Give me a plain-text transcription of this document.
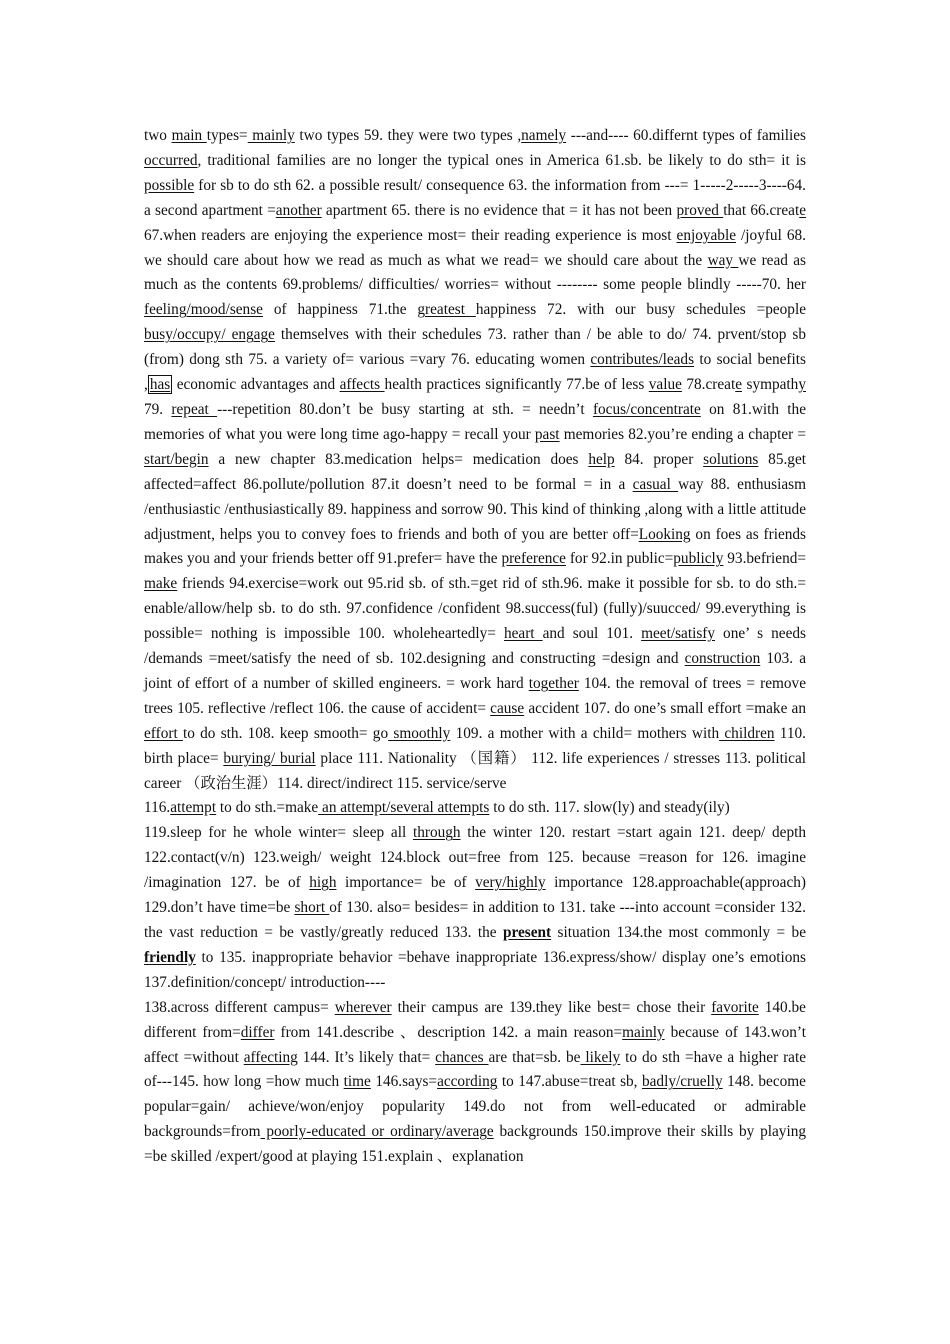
two main types= mainly two types 59. they were two types ,namely ---and---- 60.differnt types of families occurred, traditional families are no longer the typical ones in America 61.sb. be likely to do sth= it is possible for sb to do sth 62. a possible result/ consequence 63. the information from ---= 1-----2-----3----64. a second apartment =another apartment 65. there is no evidence that = it has not been proved that 66.create 67.when readers are enjoying the experience most= their reading experience is most enjoyable /joyful 68. we should care about how we read as much as what we read= we should care about the way we read as much as the contents 69.problems/ difficulties/ worries= without -------- some people blindly -----70. her feeling/mood/sense of happiness 71.the greatest happiness 72. with our busy schedules =people busy/occupy/ engage themselves with their schedules 73. rather than / be able to do/ 74. prvent/stop sb (from) dong sth 75. a variety of= various =vary 76. educating women contributes/leads to social benefits , has economic advantages and affects health practices significantly 77.be of less value 78.create sympathy 79. repeat ---repetition 80.don’t be busy starting at sth. = needn’t focus/concentrate on 81.with the memories of what you were long time ago-happy = recall your past memories 82.you’re ending a chapter = start/begin a new chapter 83.medication helps= medication does help 84. proper solutions 85.get affected=affect 86.pollute/pollution 87.it doesn’t need to be formal = in a casual way 88. enthusiasm /enthusiastic /enthusiastically 89. happiness and sorrow 90. This kind of thinking ,along with a little attitude adjustment, helps you to convey foes to friends and both of you are better off=Looking on foes as friends makes you and your friends better off 91.prefer= have the preference for 92.in public=publicly 93.befriend= make friends 94.exercise=work out 95.rid sb. of sth.=get rid of sth.96. make it possible for sb. to do sth.= enable/allow/help sb. to do sth. 97.confidence /confident 98.success(ful) (fully)/suucced/ 99.everything is possible= nothing is impossible 100. wholeheartedly= heart and soul 101. meet/satisfy one’ s needs /demands =meet/satisfy the need of sb. 102.designing and constructing =design and construction 103. a joint of effort of a number of skilled engineers. = work hard together 104. the removal of trees = remove trees 105. reflective /reflect 106. the cause of accident= cause accident 107. do one’s small effort =make an effort to do sth. 108. keep smooth= go smoothly 109. a mother with a child= mothers with children 110. birth place= burying/ burial place 111. Nationality （国籍） 112. life experiences / stresses 113. political career （政治生涯）114. direct/indirect 115. service/serve

116.attempt to do sth.=make an attempt/several attempts to do sth. 117. slow(ly) and steady(ily)

119.sleep for he whole winter= sleep all through the winter 120. restart =start again 121. deep/ depth 122.contact(v/n) 123.weigh/ weight 124.block out=free from 125. because =reason for 126. imagine /imagination 127. be of high importance= be of very/highly importance 128.approachable(approach) 129.don’t have time=be short of 130. also= besides= in addition to 131. take ---into account =consider 132. the vast reduction = be vastly/greatly reduced 133. the present situation 134.the most commonly = be friendly to 135. inappropriate behavior =behave inappropriate 136.express/show/ display one’s emotions 137.definition/concept/ introduction----

138.across different campus= wherever their campus are 139.they like best= chose their favorite 140.be different from=differ from 141.describe 、description 142. a main reason=mainly because of 143.won’t affect =without affecting 144. It’s likely that= chances are that=sb. be likely to do sth =have a higher rate of---145. how long =how much time 146.says=according to 147.abuse=treat sb, badly/cruelly 148. become popular=gain/ achieve/won/enjoy popularity 149.do not from well-educated or admirable backgrounds=from poorly-educated or ordinary/average backgrounds 150.improve their skills by playing =be skilled /expert/good at playing 151.explain 、explanation
